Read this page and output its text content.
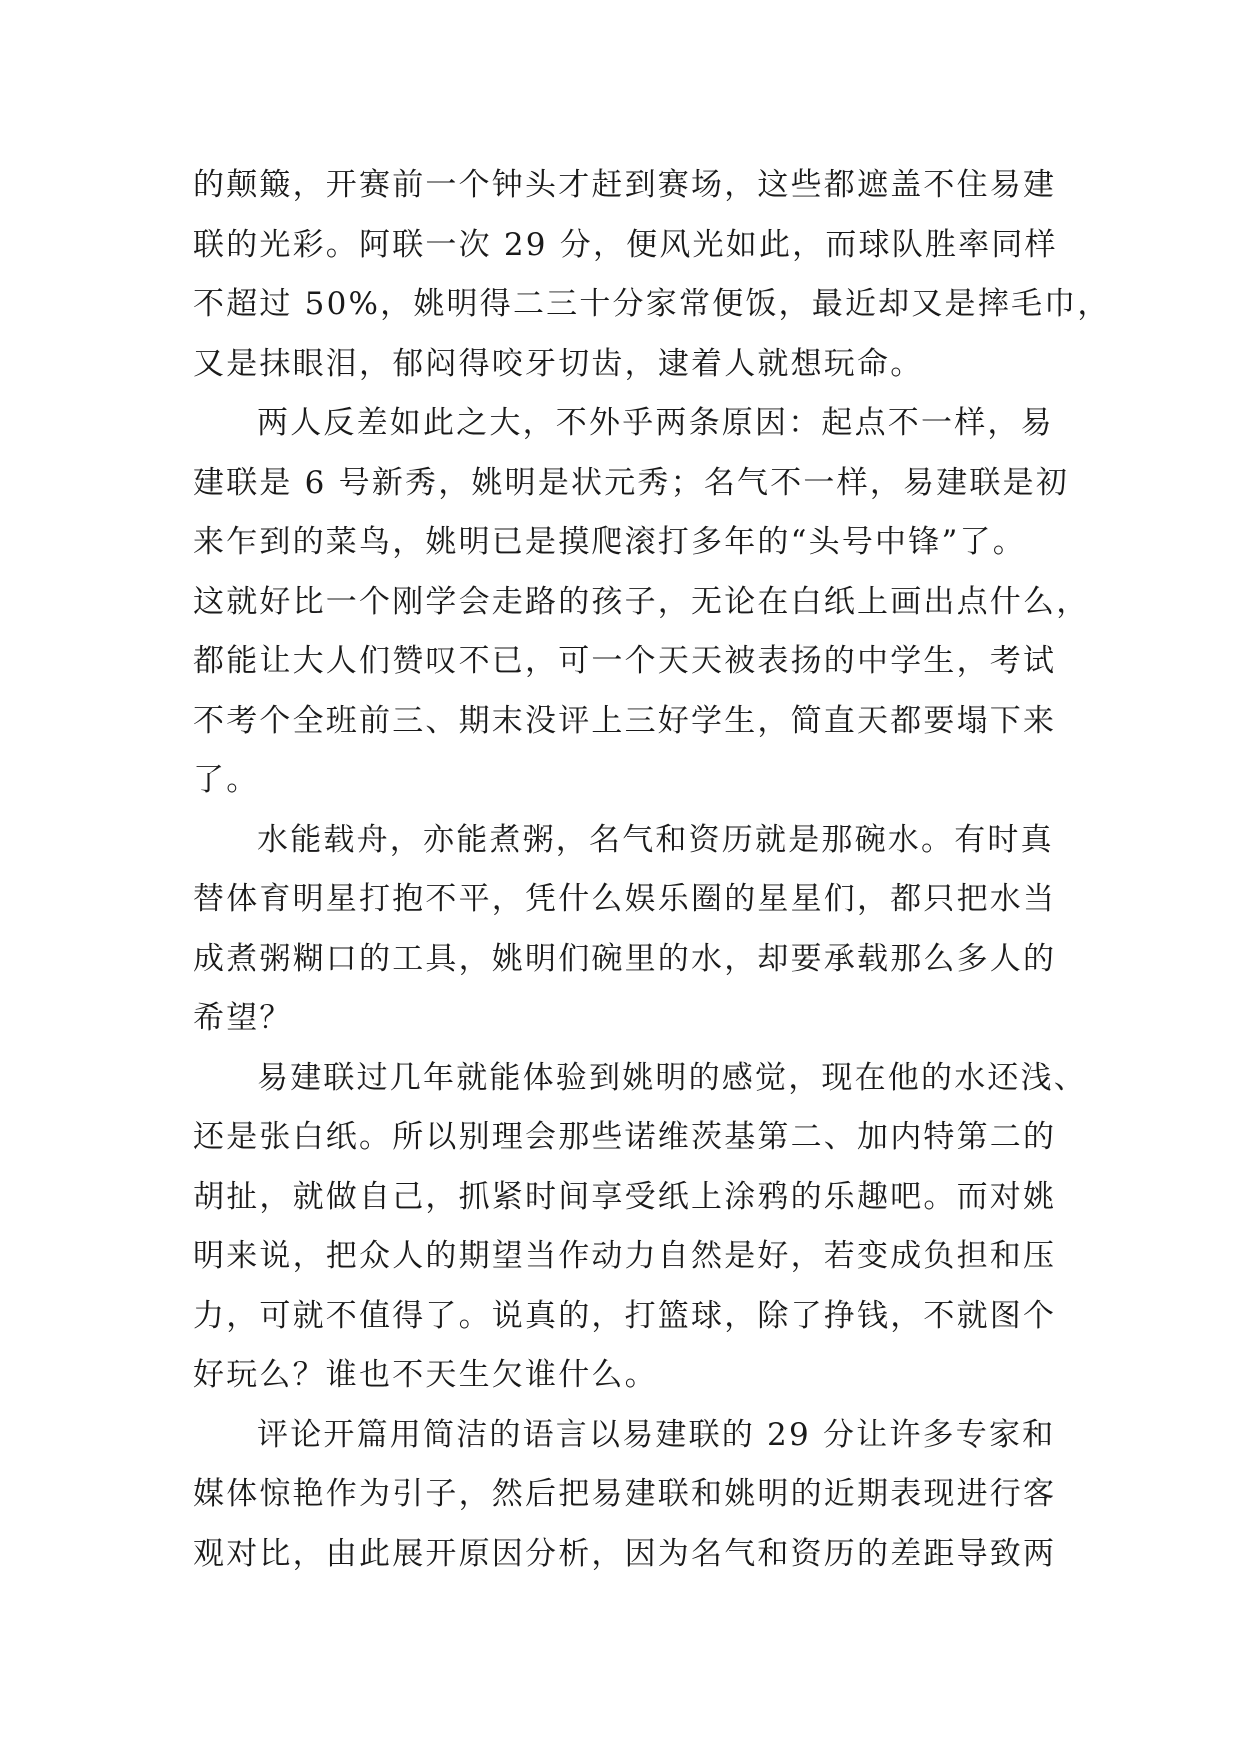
的颠簸，开赛前一个钟头才赶到赛场，这些都遮盖不住易建
联的光彩。阿联一次 29 分，便风光如此，而球队胜率同样
不超过 50%，姚明得二三十分家常便饭，最近却又是摔毛巾，
又是抹眼泪，郁闷得咬牙切齿，逮着人就想玩命。
两人反差如此之大，不外乎两条原因：起点不一样，易
建联是 6 号新秀，姚明是状元秀；名气不一样，易建联是初
来乍到的菜鸟，姚明已是摸爬滚打多年的“头号中锋”了。
这就好比一个刚学会走路的孩子，无论在白纸上画出点什么，
都能让大人们赞叹不已，可一个天天被表扬的中学生，考试
不考个全班前三、期末没评上三好学生，简直天都要塌下来
了。
水能载舟，亦能煮粥，名气和资历就是那碗水。有时真
替体育明星打抱不平，凭什么娱乐圈的星星们，都只把水当
成煮粥糊口的工具，姚明们碗里的水，却要承载那么多人的
希望？
易建联过几年就能体验到姚明的感觉，现在他的水还浅、
还是张白纸。所以别理会那些诺维茨基第二、加内特第二的
胡扯，就做自己，抓紧时间享受纸上涂鸦的乐趣吧。而对姚
明来说，把众人的期望当作动力自然是好，若变成负担和压
力，可就不值得了。说真的，打篮球，除了挣钱，不就图个
好玩么？谁也不天生欠谁什么。
评论开篇用简洁的语言以易建联的 29 分让许多专家和
媒体惊艳作为引子，然后把易建联和姚明的近期表现进行客
观对比，由此展开原因分析，因为名气和资历的差距导致两
